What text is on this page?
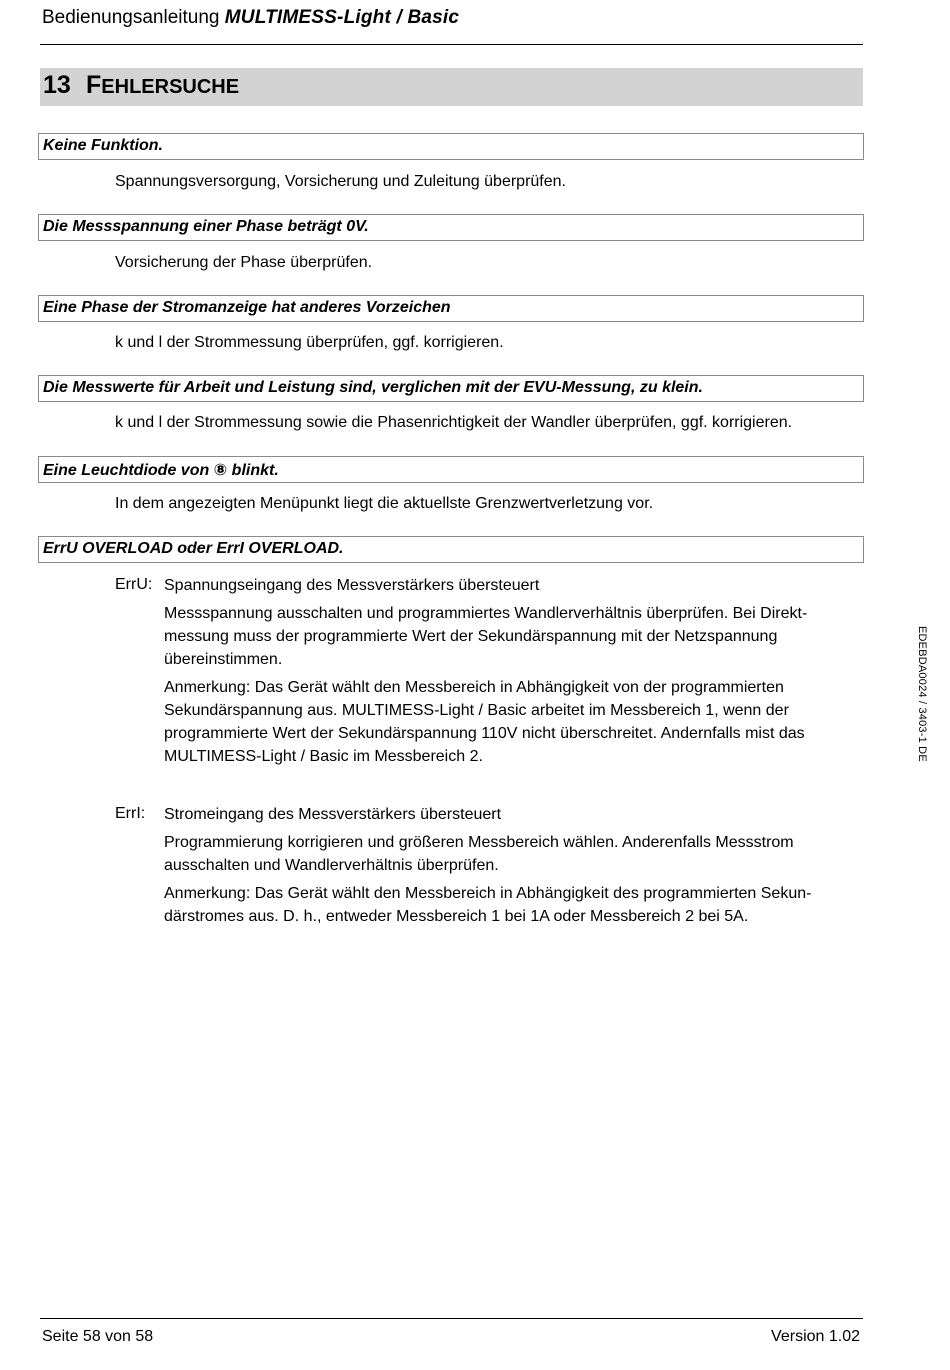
Bedienungsanleitung MULTIMESS-Light / Basic
13 FEHLERSUCHE
Keine Funktion.
Spannungsversorgung, Vorsicherung und Zuleitung überprüfen.
Die Messspannung einer Phase beträgt 0V.
Vorsicherung der Phase überprüfen.
Eine Phase der Stromanzeige hat anderes Vorzeichen
k und l der Strommessung überprüfen, ggf. korrigieren.
Die Messwerte für Arbeit und Leistung sind, verglichen mit der EVU-Messung, zu klein.
k und l der Strommessung sowie die Phasenrichtigkeit der Wandler überprüfen, ggf. korrigieren.
Eine Leuchtdiode von ⑧ blinkt.
In dem angezeigten Menüpunkt liegt die aktuellste Grenzwertverletzung vor.
ErrU OVERLOAD oder ErrI OVERLOAD.
ErrU: Spannungseingang des Messverstärkers übersteuert

Messspannung ausschalten und programmiertes Wandlerverhältnis überprüfen. Bei Direkt-messung muss der programmierte Wert der Sekundärspannung mit der Netzspannung übereinstimmen.

Anmerkung: Das Gerät wählt den Messbereich in Abhängigkeit von der programmierten Sekundärspannung aus. MULTIMESS-Light / Basic arbeitet im Messbereich 1, wenn der programmierte Wert der Sekundärspannung 110V nicht überschreitet. Andernfalls mist das MULTIMESS-Light / Basic im Messbereich 2.

ErrI: Stromeingang des Messverstärkers übersteuert

Programmierung korrigieren und größeren Messbereich wählen. Anderenfalls Messstrom ausschalten und Wandlerverhältnis überprüfen.

Anmerkung: Das Gerät wählt den Messbereich in Abhängigkeit des programmierten Sekun-därstromes aus. D. h., entweder Messbereich 1 bei 1A oder Messbereich 2 bei 5A.

EDEBDA0024 / 3403-1 DE
Seite 58 von 58	Version 1.02
